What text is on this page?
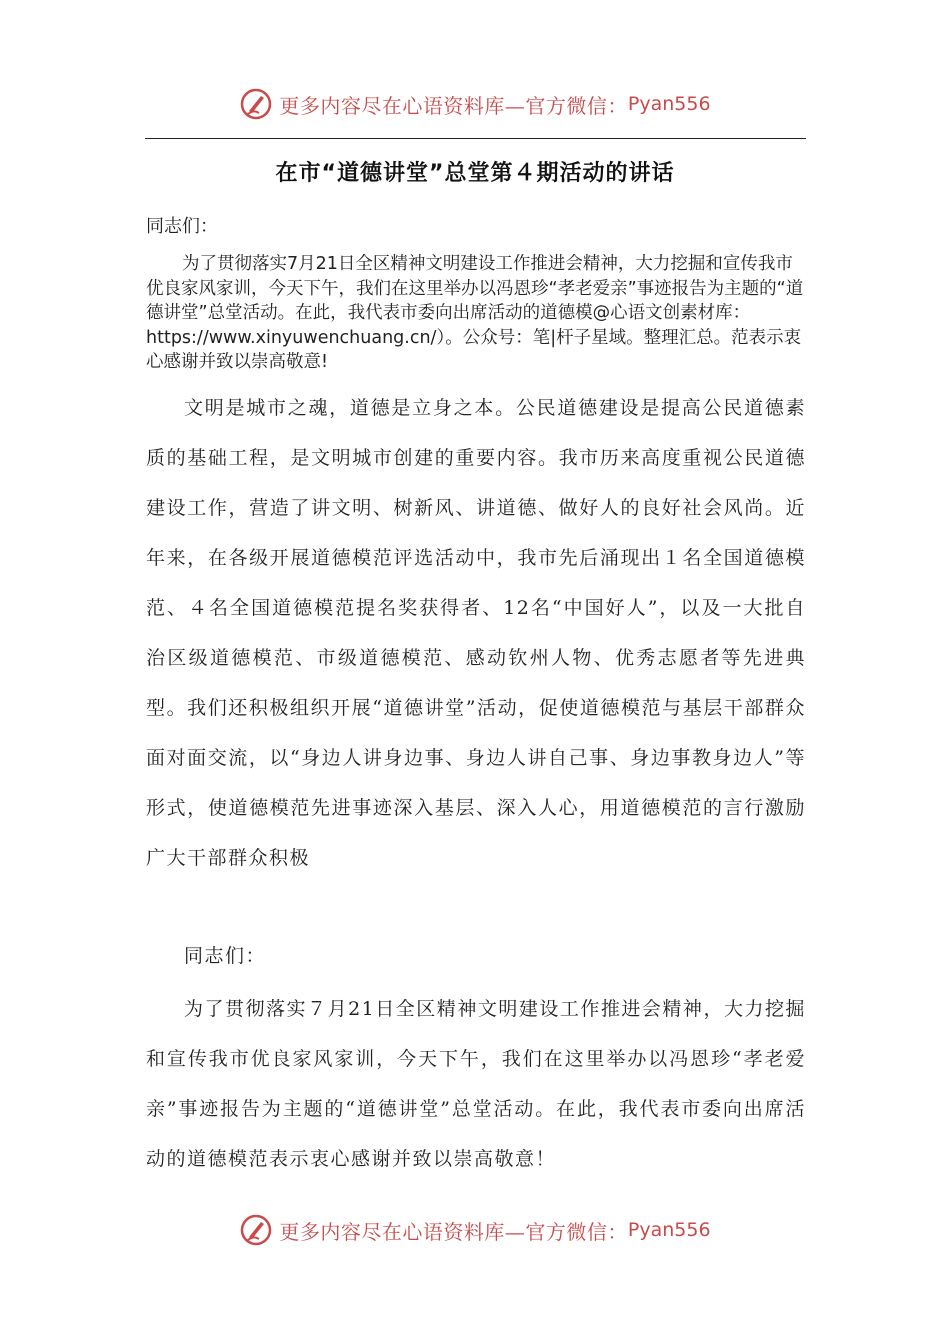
更多内容尽在心语资料库—官方微信： Pyan556
在市“道德讲堂”总堂第４期活动的讲话
同志们：

为了贯彻落实7月21日全区精神文明建设工作推进会精神，大力挖掘和宣传我市优良家风家训，今天下午，我们在这里举办以冯恩珍“孝老爱亲”事迹报告为主题的“道德讲堂”总堂活动。在此，我代表市委向出席活动的道德模@心语文创素材库：https://www.xinyuwenchuang.cn/）。公众号：笔|杆子星域。整理汇总。范表示衷心感谢并致以崇高敬意!

文明是城市之魂，道德是立身之本。公民道德建设是提高公民道德素质的基础工程，是文明城市创建的重要内容。我市历来高度重视公民道德建设工作，营造了讲文明、树新风、讲道德、做好人的良好社会风尚。近年来，在各级开展道德模范评选活动中，我市先后涌现出１名全国道德模范、４名全国道德模范提名奖获得者、12名“中国好人”，以及一大批自治区级道德模范、市级道德模范、感动钦州人物、优秀志愿者等先进典型。我们还积极组织开展“道德讲堂”活动，促使道德模范与基层干部群众面对面交流，以“身边人讲身边事、身边人讲自己事、身边事教身边人”等形式，使道德模范先进事迹深入基层、深入人心，用道德模范的言行激励广大干部群众积极

同志们：

为了贯彻落实７月21日全区精神文明建设工作推进会精神，大力挖掘和宣传我市优良家风家训，今天下午，我们在这里举办以冯恩珍“孝老爱亲”事迹报告为主题的“道德讲堂”总堂活动。在此，我代表市委向出席活动的道德模范表示衷心感谢并致以崇高敬意！

更多内容尽在心语资料库—官方微信： Pyan556
